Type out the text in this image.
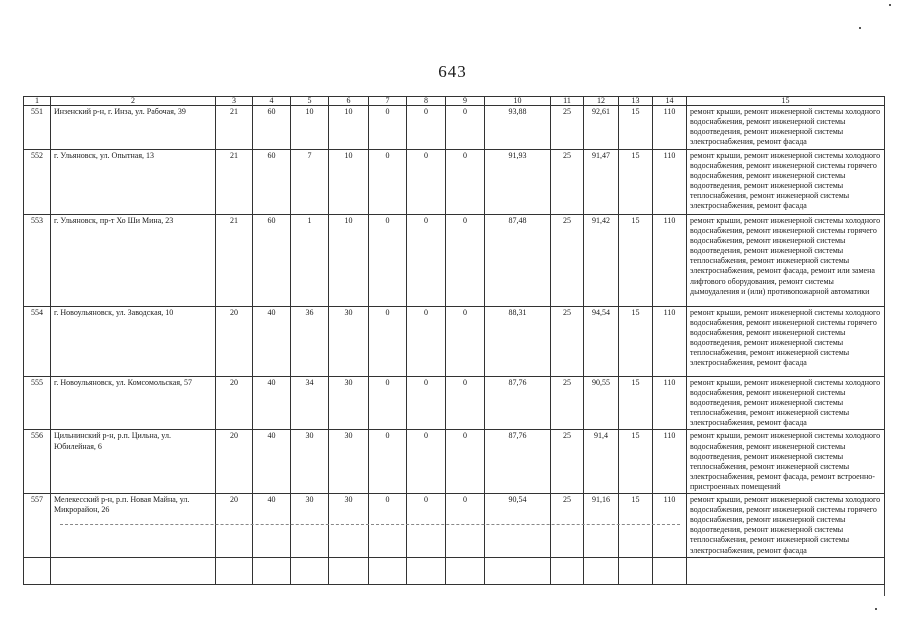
643
1	2	3	4	5	6	7	8	9	10	11	12	13	14	15
551	Инзенский р-н, г. Инза, ул. Рабочая, 39	21	60	10	10	0	0	0	93,88	25	92,61	15	110	ремонт крыши, ремонт инженерной системы холодного водоснабжения, ремонт инженерной системы водоотведения, ремонт инженерной системы электроснабжения, ремонт фасада
552	г. Ульяновск, ул. Опытная, 13	21	60	7	10	0	0	0	91,93	25	91,47	15	110	ремонт крыши, ремонт инженерной системы холодного водоснабжения, ремонт инженерной системы горячего водоснабжения, ремонт инженерной системы водоотведения, ремонт инженерной системы теплоснабжения, ремонт инженерной системы электроснабжения, ремонт фасада
553	г. Ульяновск, пр-т Хо Ши Мина, 23	21	60	1	10	0	0	0	87,48	25	91,42	15	110	ремонт крыши, ремонт инженерной системы холодного водоснабжения, ремонт инженерной системы горячего водоснабжения, ремонт инженерной системы водоотведения, ремонт инженерной системы теплоснабжения, ремонт инженерной системы электроснабжения, ремонт фасада, ремонт или замена лифтового оборудования, ремонт системы дымоудаления и (или) противопожарной автоматики
554	г. Новоульяновск, ул. Заводская, 10	20	40	36	30	0	0	0	88,31	25	94,54	15	110	ремонт крыши, ремонт инженерной системы холодного водоснабжения, ремонт инженерной системы горячего водоснабжения, ремонт инженерной системы водоотведения, ремонт инженерной системы теплоснабжения, ремонт инженерной системы электроснабжения, ремонт фасада
555	г. Новоульяновск, ул. Комсомольская, 57	20	40	34	30	0	0	0	87,76	25	90,55	15	110	ремонт крыши, ремонт инженерной системы холодного водоснабжения, ремонт инженерной системы водоотведения, ремонт инженерной системы теплоснабжения, ремонт инженерной системы электроснабжения, ремонт фасада
556	Цильнинский р-н, р.п. Цильна, ул. Юбилейная, 6	20	40	30	30	0	0	0	87,76	25	91,4	15	110	ремонт крыши, ремонт инженерной системы холодного водоснабжения, ремонт инженерной системы водоотведения, ремонт инженерной системы теплоснабжения, ремонт инженерной системы электроснабжения, ремонт фасада, ремонт встроенно-пристроенных помещений
557	Мелекесский р-н, р.п. Новая Майна, ул. Микрорайон, 26	20	40	30	30	0	0	0	90,54	25	91,16	15	110	ремонт крыши, ремонт инженерной системы холодного водоснабжения, ремонт инженерной системы горячего водоснабжения, ремонт инженерной системы водоотведения, ремонт инженерной системы теплоснабжения, ремонт инженерной системы электроснабжения, ремонт фасада
